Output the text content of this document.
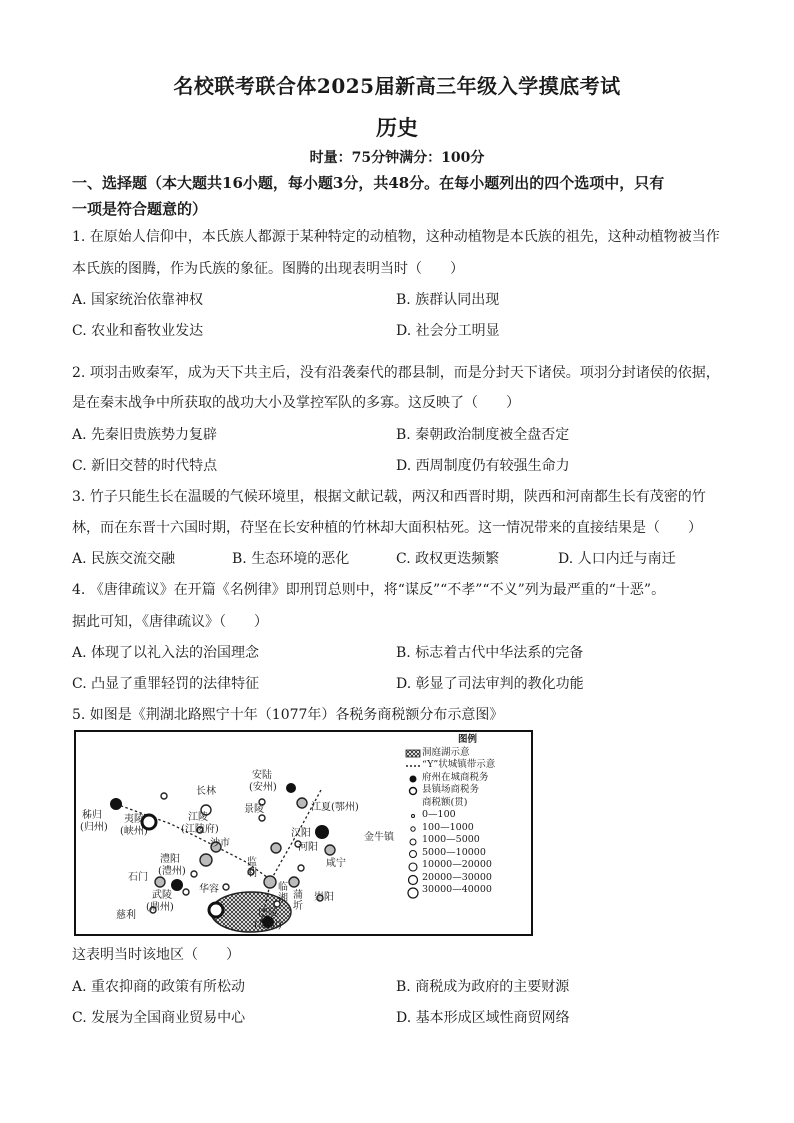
名校联考联合体2025届新高三年级入学摸底考试
历史
时量：75分钟满分：100分
一、选择题（本大题共16小题，每小题3分，共48分。在每小题列出的四个选项中，只有
一项是符合题意的）
1. 在原始人信仰中，本氏族人都源于某种特定的动植物，这种动植物是本氏族的祖先，这种动植物被当作
本氏族的图腾，作为氏族的象征。图腾的出现表明当时（　　）
A. 国家统治依靠神权	B. 族群认同出现
C. 农业和畜牧业发达	D. 社会分工明显
2. 项羽击败秦军，成为天下共主后，没有沿袭秦代的郡县制，而是分封天下诸侯。项羽分封诸侯的依据，
是在秦末战争中所获取的战功大小及掌控军队的多寡。这反映了（　　）
A. 先秦旧贵族势力复辟	B. 秦朝政治制度被全盘否定
C. 新旧交替的时代特点	D. 西周制度仍有较强生命力
3. 竹子只能生长在温暖的气候环境里，根据文献记载，两汉和西晋时期，陕西和河南都生长有茂密的竹
林，而在东晋十六国时期，苻坚在长安种植的竹林却大面积枯死。这一情况带来的直接结果是（　　）
A. 民族交流交融	B. 生态环境的恶化	C. 政权更迭频繁	D. 人口内迁与南迁
4. 《唐律疏议》在开篇《名例律》即刑罚总则中，将“谋反”“不孝”“不义”列为最严重的“十恶”。
据此可知，《唐律疏议》（　　）
A. 体现了以礼入法的治国理念	B. 标志着古代中华法系的完备
C. 凸显了重罪轻罚的法律特征	D. 彰显了司法审判的教化功能
5. 如图是《荆湖北路熙宁十年（1077年）各税务商税额分布示意图》
长林
安陆
(安州)
秭归
(归州)
夷陵
(峡州)
江陵
(江陵府)
沙市
景陵
汉阳
江夏(鄂州)
金牛镇
澧阳
(澧州)
河阳
监利
咸宁
石门
武陵
(鼎州)
华容	临湘 蒲圻
崇阳
慈利	巴陵
(岳州)
图例
洞庭湖示意
“Y”状城镇带示意
府州在城商税务
县镇场商税务
商税额(贯)
0—100
100—1000
1000—5000
5000—10000
10000—20000
20000—30000
30000—40000
这表明当时该地区（　　）
A. 重农抑商的政策有所松动	B. 商税成为政府的主要财源
C. 发展为全国商业贸易中心	D. 基本形成区域性商贸网络
